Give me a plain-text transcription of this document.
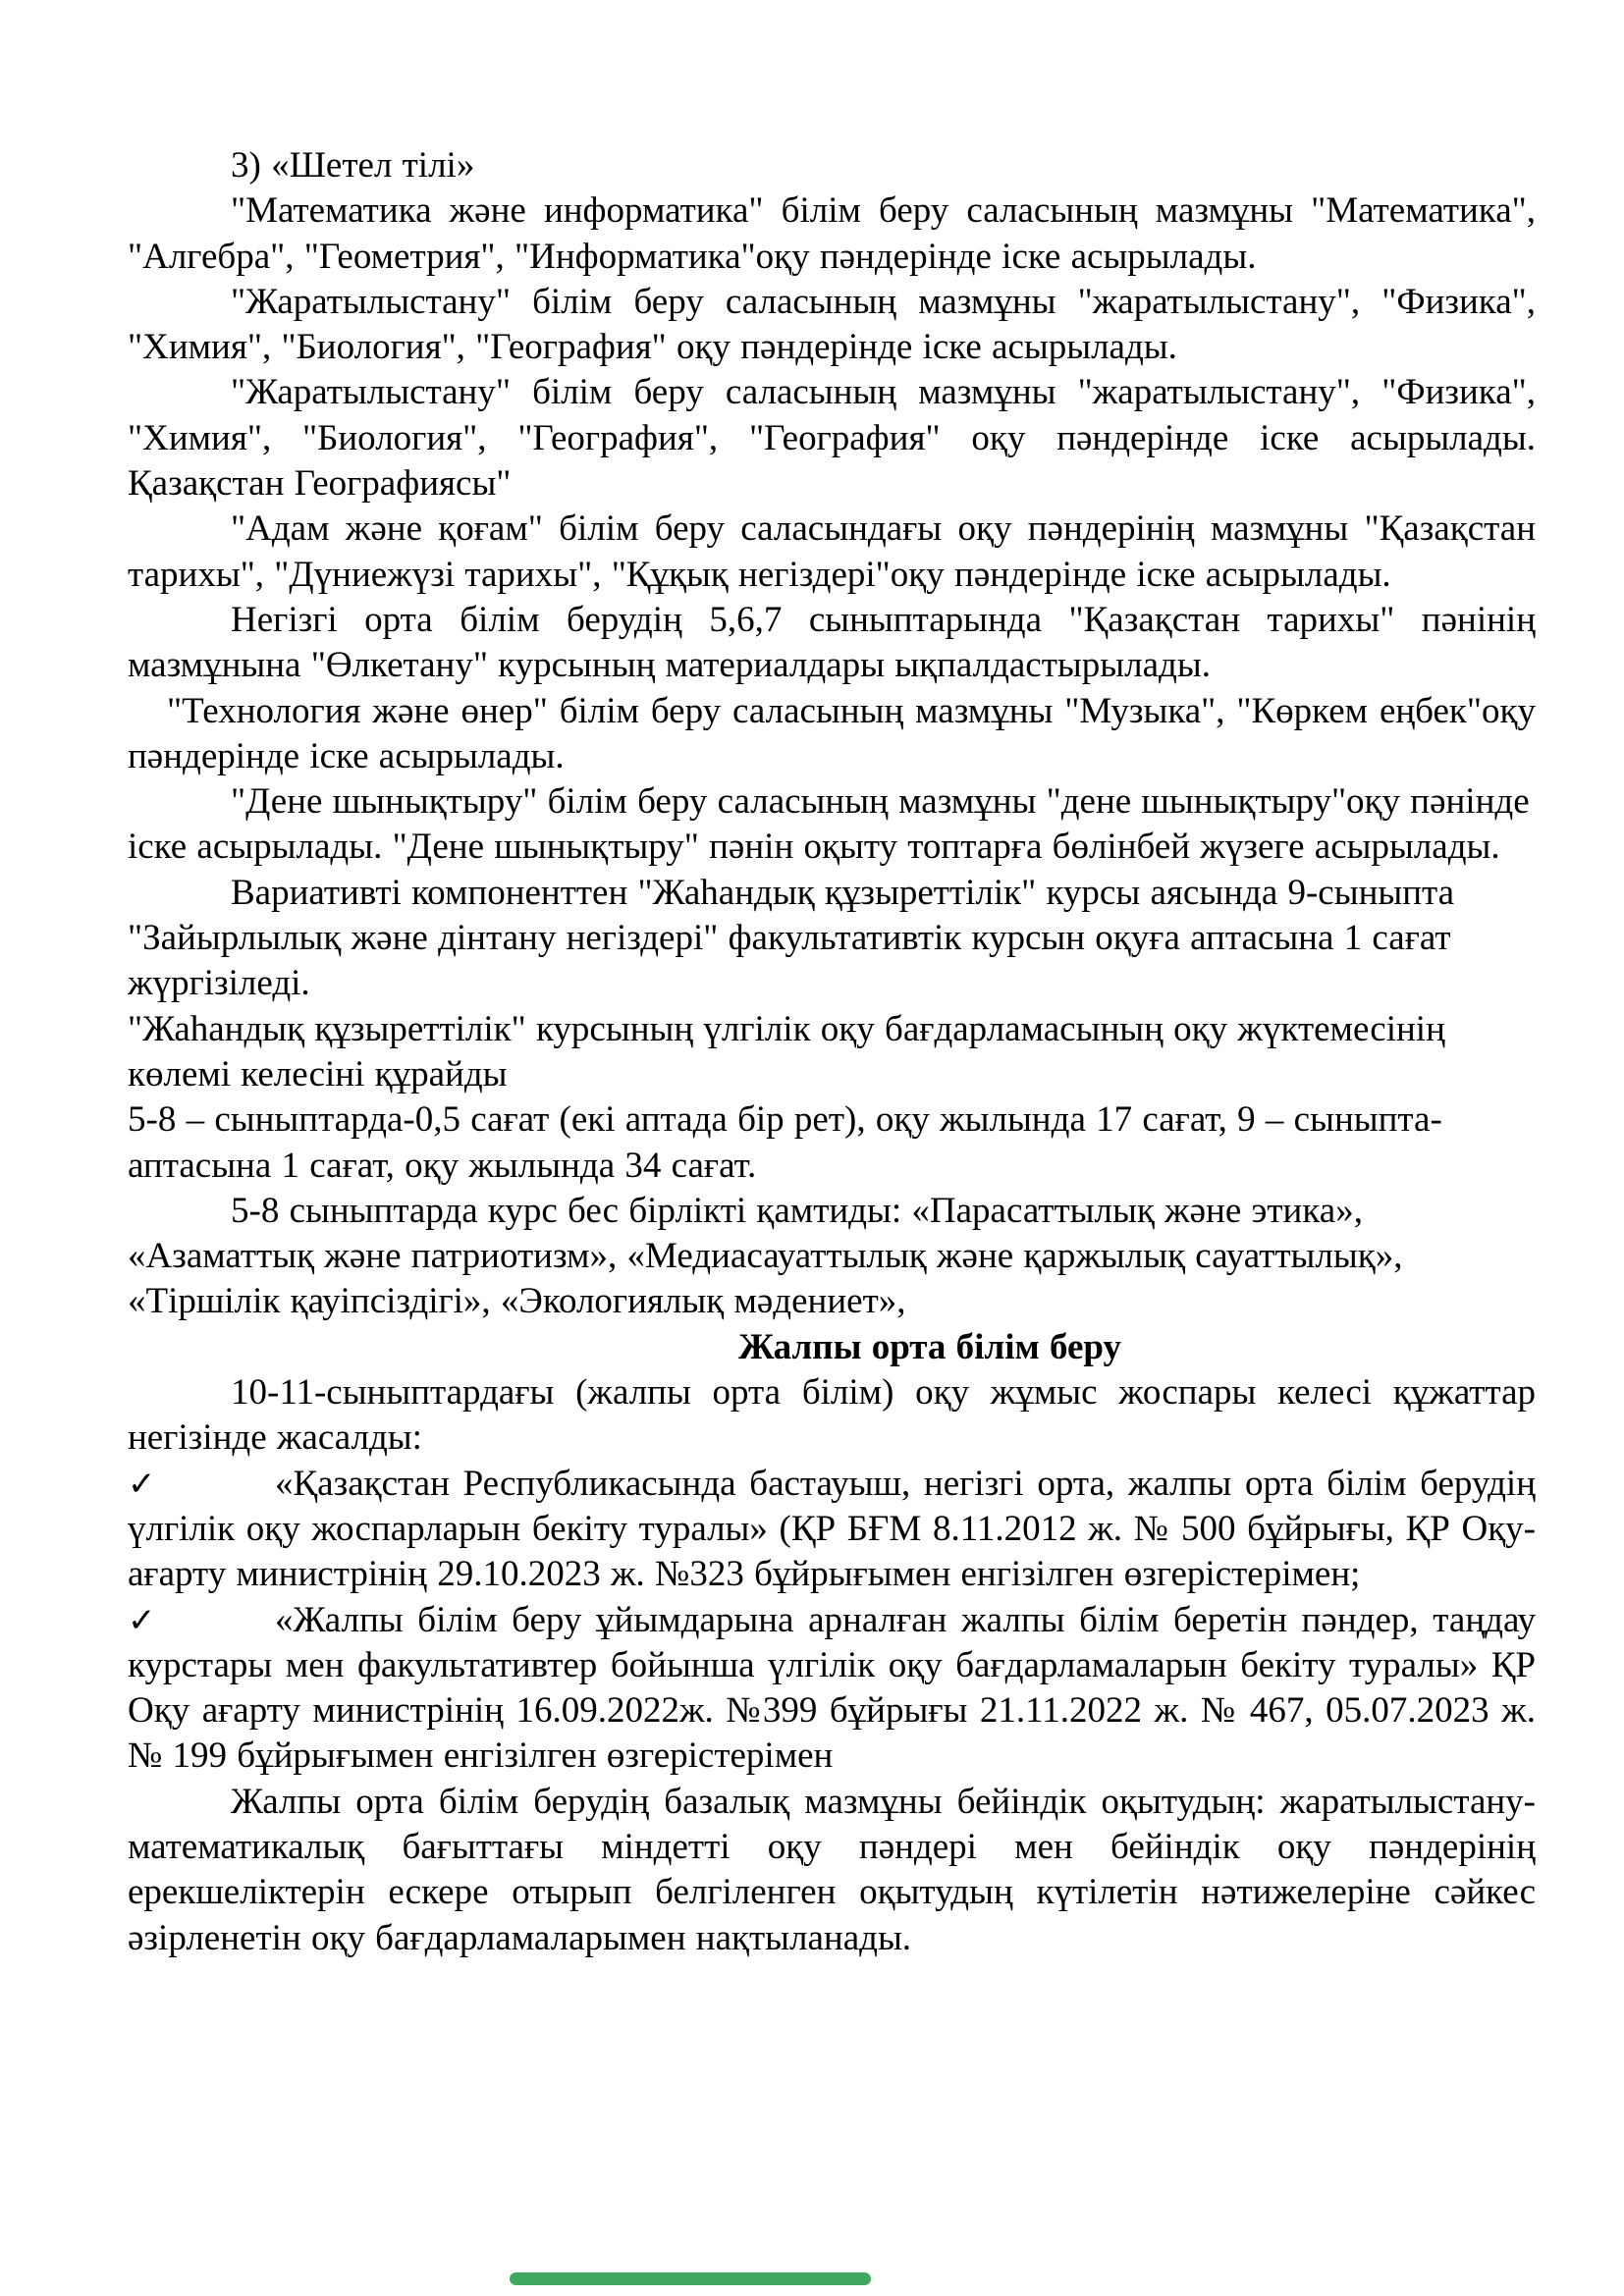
3) «Шетел тілі»

"Математика және информатика" білім беру саласының мазмұны "Математика", "Алгебра", "Геометрия", "Информатика"оқу пәндерінде іске асырылады.

"Жаратылыстану" білім беру саласының мазмұны "жаратылыстану", "Физика", "Химия", "Биология", "География" оқу пәндерінде іске асырылады.

"Жаратылыстану" білім беру саласының мазмұны "жаратылыстану", "Физика", "Химия", "Биология", "География", "География" оқу пәндерінде іске асырылады. Қазақстан Географиясы"

"Адам және қоғам" білім беру саласындағы оқу пәндерінің мазмұны "Қазақстан тарихы", "Дүниежүзі тарихы", "Құқық негіздері"оқу пәндерінде іске асырылады.

Негізгі орта білім берудің 5,6,7 сыныптарында "Қазақстан тарихы" пәнінің мазмұнына "Өлкетану" курсының материалдары ықпалдастырылады.

"Технология және өнер" білім беру саласының мазмұны "Музыка", "Көркем еңбек"оқу пәндерінде іске асырылады.

"Дене шынықтыру" білім беру саласының мазмұны "дене шынықтыру"оқу пәнінде іске асырылады. "Дене шынықтыру" пәнін оқыту топтарға бөлінбей жүзеге асырылады.

Вариативті компоненттен "Жаһандық құзыреттілік" курсы аясында 9-сыныпта "Зайырлылық және дінтану негіздері" факультативтік курсын оқуға аптасына 1 сағат жүргізіледі.

"Жаһандық құзыреттілік" курсының үлгілік оқу бағдарламасының оқу жүктемесінің көлемі келесіні құрайды

5-8 – сыныптарда-0,5 сағат (екі аптада бір рет), оқу жылында 17 сағат, 9 – сыныпта-аптасына 1 сағат, оқу жылында 34 сағат.

5-8 сыныптарда курс бес бірлікті қамтиды: «Парасаттылық және этика», «Азаматтық және патриотизм», «Медиасауаттылық және қаржылық сауаттылық», «Тіршілік қауіпсіздігі», «Экологиялық мәдениет»,

Жалпы орта білім беру

10-11-сыныптардағы (жалпы орта білім) оқу жұмыс жоспары келесі құжаттар негізінде жасалды:

✓	«Қазақстан Республикасында бастауыш, негізгі орта, жалпы орта білім берудің үлгілік оқу жоспарларын бекіту туралы» (ҚР БҒМ 8.11.2012 ж. № 500 бұйрығы, ҚР Оқу-ағарту министрінің 29.10.2023 ж. №323 бұйрығымен енгізілген өзгерістерімен;

✓	«Жалпы білім беру ұйымдарына арналған жалпы білім беретін пәндер, таңдау курстары мен факультативтер бойынша үлгілік оқу бағдарламаларын бекіту туралы» ҚР Оқу ағарту министрінің 16.09.2022ж. №399 бұйрығы 21.11.2022 ж. № 467, 05.07.2023 ж. № 199 бұйрығымен енгізілген өзгерістерімен

Жалпы орта білім берудің базалық мазмұны бейіндік оқытудың: жаратылыстану-математикалық бағыттағы міндетті оқу пәндері мен бейіндік оқу пәндерінің ерекшеліктерін ескере отырып белгіленген оқытудың күтілетін нәтижелеріне сәйкес әзірленетін оқу бағдарламаларымен нақтыланады.
